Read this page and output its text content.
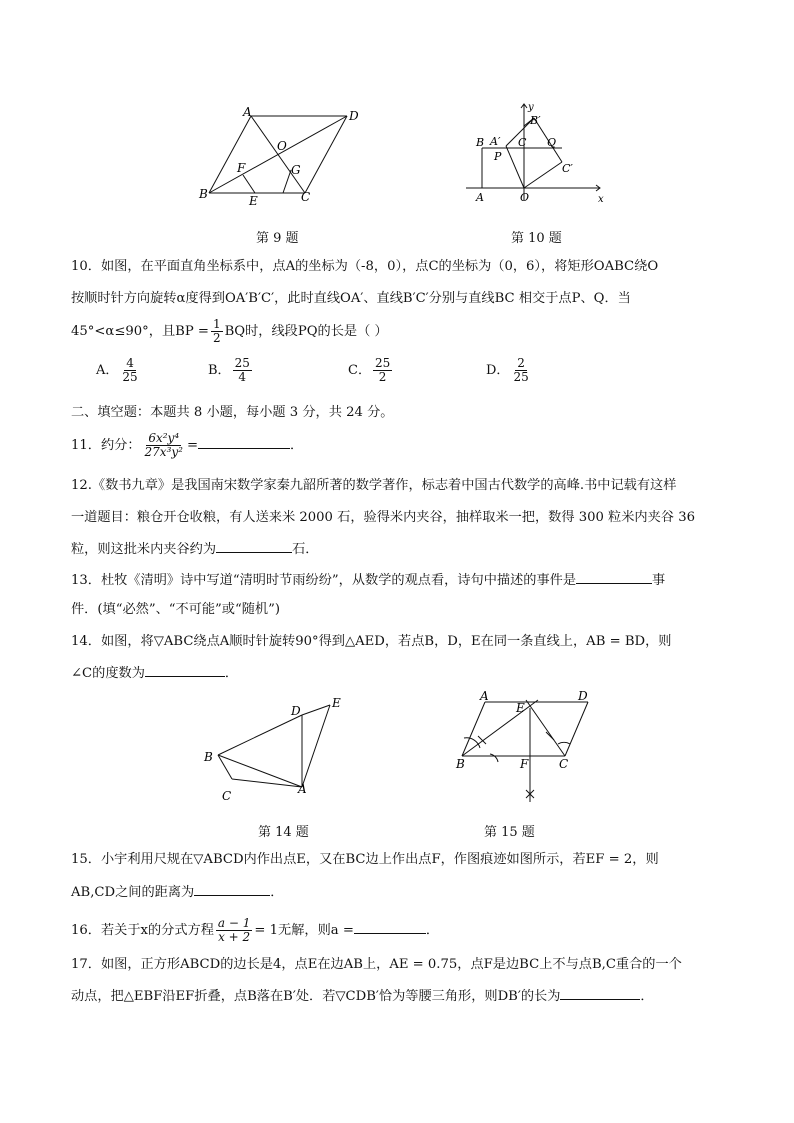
A	D
O
F	G
B	E	C
第 9 题
y
x
B′
B A′ C Q
P
C′
A	O
第 10 题
10．如图，在平面直角坐标系中，点A的坐标为（-8，0），点C的坐标为（0，6），将矩形OABC绕O
按顺时针方向旋转α度得到OA′B′C′，此时直线OA′、直线B′C′分别与直线BC 相交于点P、Q．当
45°<α≤90°，且BP = $\frac{1}{2}$ BQ时，线段PQ的长是（ ）
A． $\frac{4}{25}$	B． $\frac{25}{4}$	C． $\frac{25}{2}$	D． $\frac{2}{25}$
二、填空题：本题共 8 小题，每小题 3 分，共 24 分。
11．约分： $\frac{\text{6x²y⁴}}{\text{27x³y²}}$ =	．
12.《数书九章》是我国南宋数学家秦九韶所著的数学著作，标志着中国古代数学的高峰.书中记载有这样
一道题目：粮仓开仓收粮，有人送来米 2000 石，验得米内夹谷，抽样取米一把，数得 300 粒米内夹谷 36
粒，则这批米内夹谷约为	石．
13．杜牧《清明》诗中写道“清明时节雨纷纷”，从数学的观点看，诗句中描述的事件是	事
件．(填“必然”、“不可能”或“随机”)
14．如图，将▽ABC绕点A顺时针旋转90°得到△AED，若点B，D，E在同一条直线上，AB = BD，则
∠C的度数为	．
D
E
B
C	A
第 14 题
A	D
E
B	F	C
第 15 题
15．小宇利用尺规在▽ABCD内作出点E，又在BC边上作出点F，作图痕迹如图所示，若EF = 2，则
AB,CD之间的距离为	．
16．若关于x的分式方程 $\frac{a - 1}{x + 2} = 1$无解，则a =	．
17．如图，正方形ABCD的边长是4，点E在边AB上，AE = 0.75，点F是边BC上不与点B,C重合的一个
动点，把△EBF沿EF折叠，点B落在B′处．若▽CDB′恰为等腰三角形，则DB′的长为	．
